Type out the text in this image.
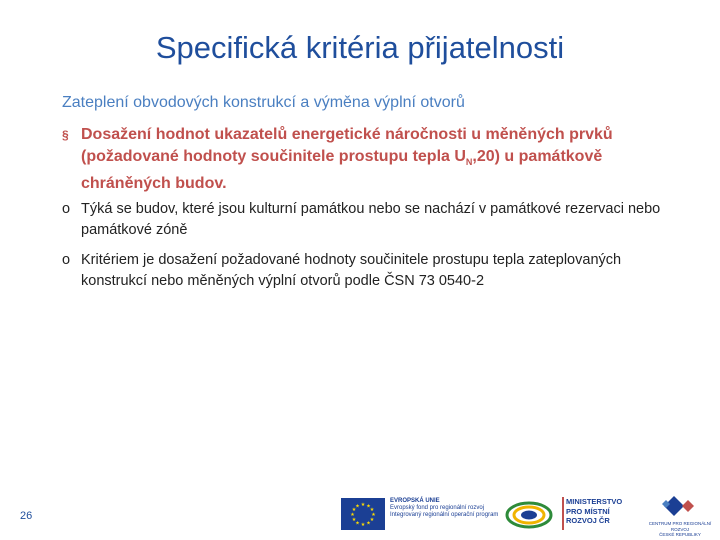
Specifická kritéria přijatelnosti
Zateplení obvodových konstrukcí a výměna výplní otvorů
§ Dosažení hodnot ukazatelů energetické náročnosti u měněných prvků (požadované hodnoty součinitele prostupu tepla $U_N,20$) u památkově chráněných budov.
o Týká se budov, které jsou kulturní památkou nebo se nachází v památkové rezervaci nebo památkové zóně
o Kritériem je dosažení požadované hodnoty součinitele prostupu tepla zateplovaných konstrukcí nebo měněných výplní otvorů podle ČSN 73 0540-2
26
★ ★
★
★
★
★
★
★
★
★
★
★
EVROPSKÁ UNIE
Evropský fond pro regionální rozvoj
Integrovaný regionální operační program
MINISTERSTVO
PRO MÍSTNÍ
ROZVOJ ČR	CENTRUM PRO REGIONÁLNÍ ROZVOJ
ČESKÉ REPUBLIKY
